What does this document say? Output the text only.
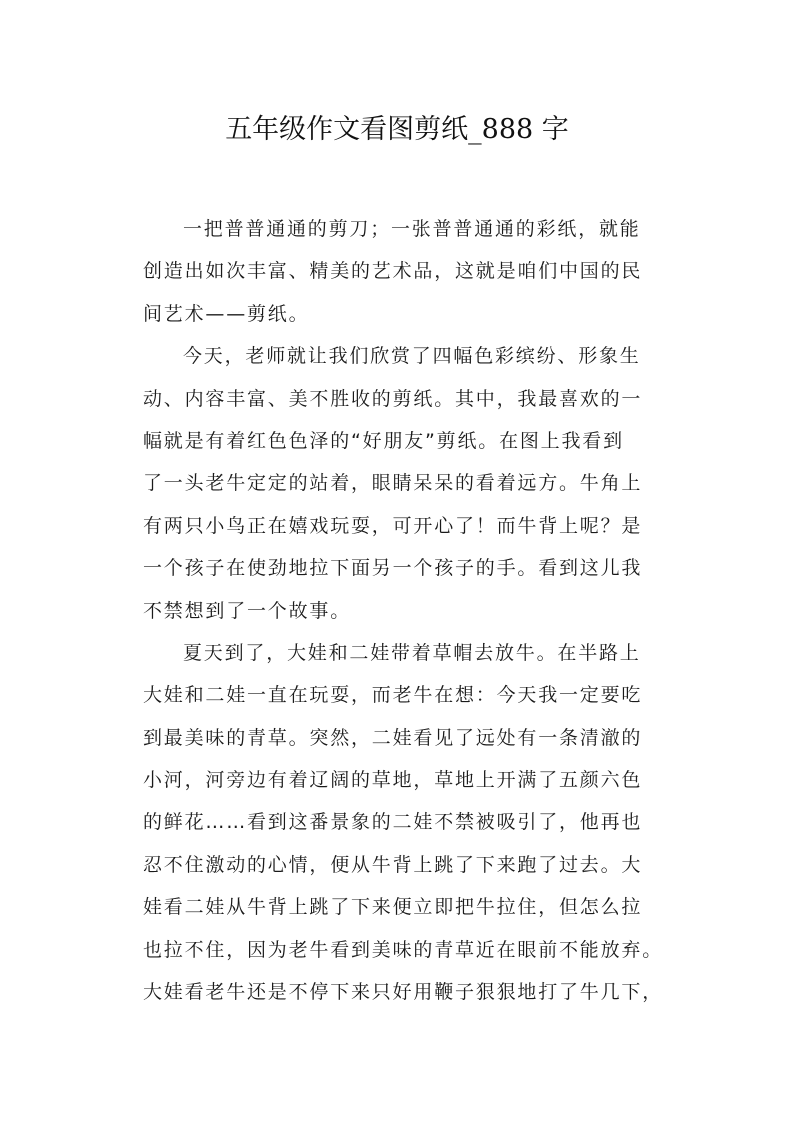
五年级作文看图剪纸_888 字
一把普普通通的剪刀；一张普普通通的彩纸，就能
创造出如次丰富、精美的艺术品，这就是咱们中国的民
间艺术——剪纸。
今天，老师就让我们欣赏了四幅色彩缤纷、形象生
动、内容丰富、美不胜收的剪纸。其中，我最喜欢的一
幅就是有着红色色泽的“好朋友”剪纸。在图上我看到
了一头老牛定定的站着，眼睛呆呆的看着远方。牛角上
有两只小鸟正在嬉戏玩耍，可开心了！而牛背上呢？是
一个孩子在使劲地拉下面另一个孩子的手。看到这儿我
不禁想到了一个故事。
夏天到了，大娃和二娃带着草帽去放牛。在半路上
大娃和二娃一直在玩耍，而老牛在想：今天我一定要吃
到最美味的青草。突然，二娃看见了远处有一条清澈的
小河，河旁边有着辽阔的草地，草地上开满了五颜六色
的鲜花……看到这番景象的二娃不禁被吸引了，他再也
忍不住激动的心情，便从牛背上跳了下来跑了过去。大
娃看二娃从牛背上跳了下来便立即把牛拉住，但怎么拉
也拉不住，因为老牛看到美味的青草近在眼前不能放弃。
大娃看老牛还是不停下来只好用鞭子狠狠地打了牛几下，
